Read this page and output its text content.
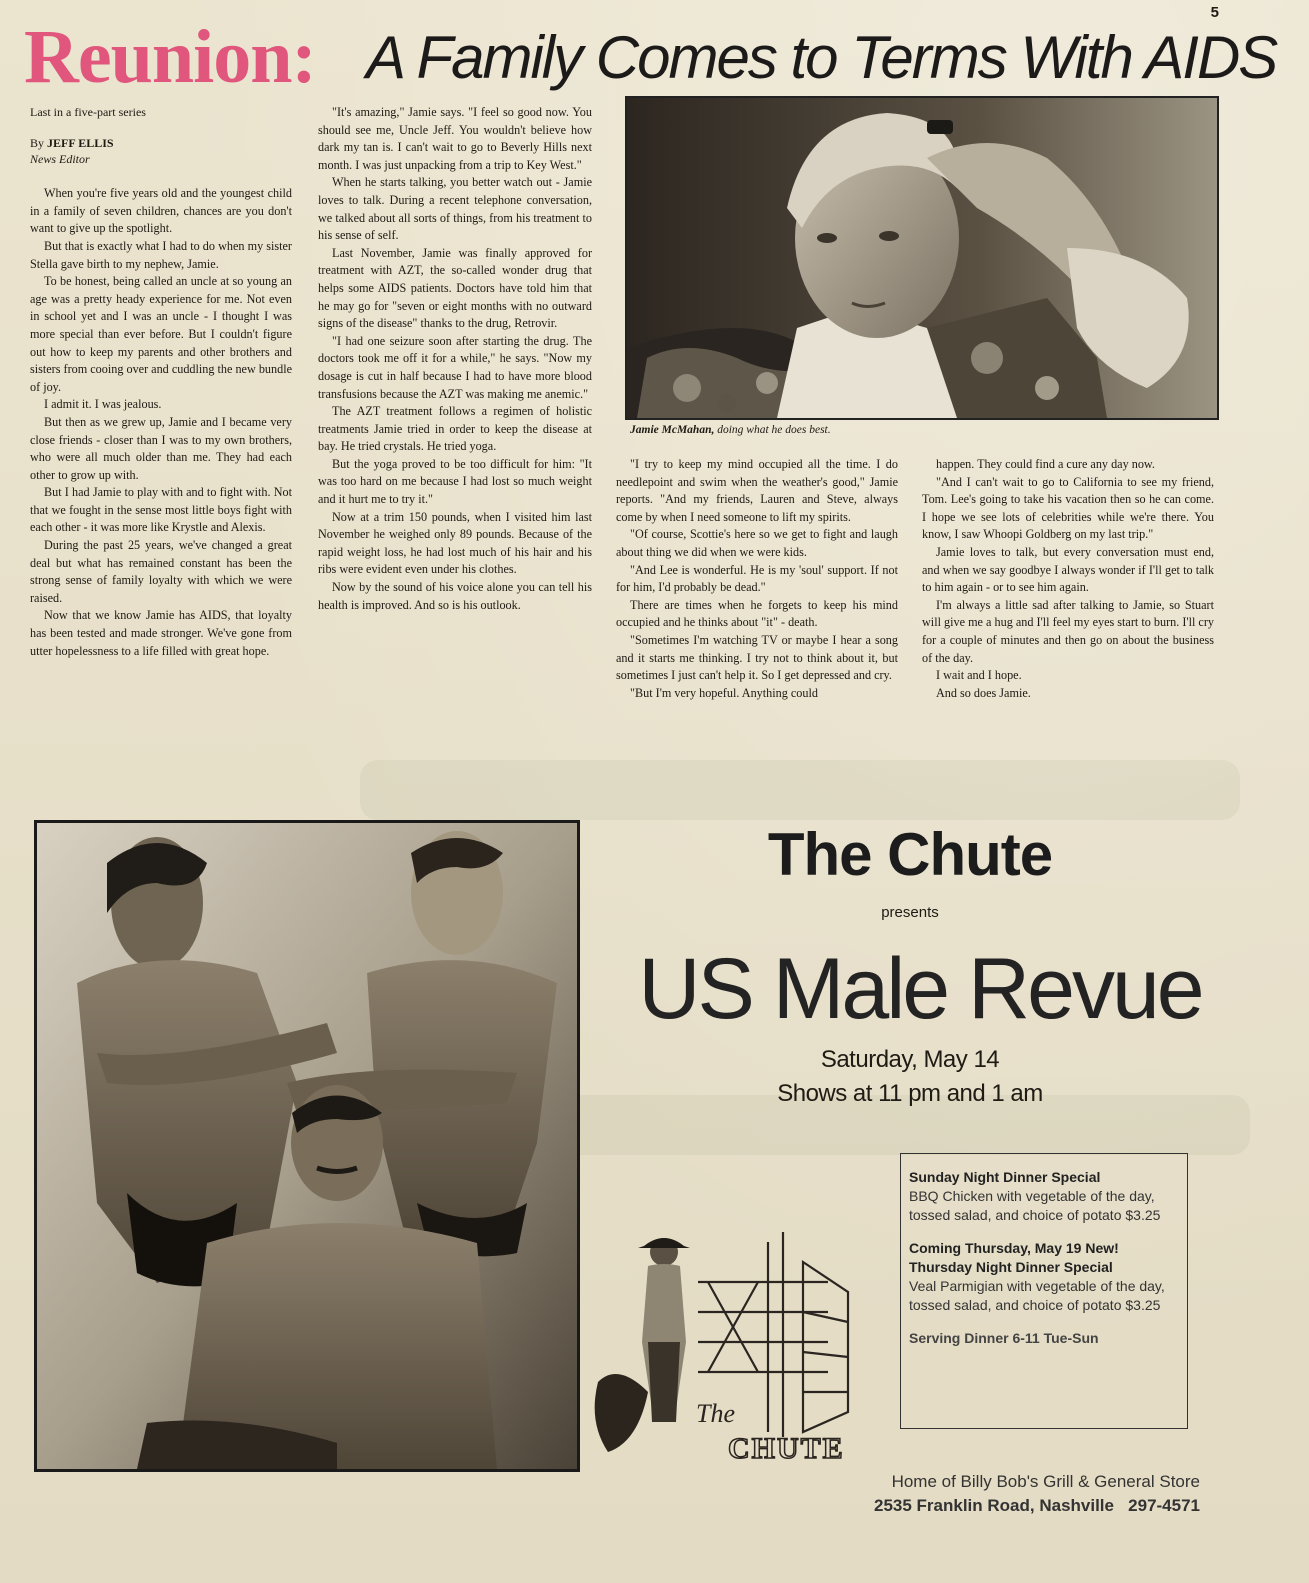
5
Reunion: A Family Comes to Terms With AIDS
Last in a five-part series
By JEFF ELLIS
News Editor

When you're five years old and the youngest child in a family of seven children, chances are you don't want to give up the spotlight.

But that is exactly what I had to do when my sister Stella gave birth to my nephew, Jamie.

To be honest, being called an uncle at so young an age was a pretty heady experience for me. Not even in school yet and I was an uncle - I thought I was more special than ever before. But I couldn't figure out how to keep my parents and other brothers and sisters from cooing over and cuddling the new bundle of joy.

I admit it. I was jealous.

But then as we grew up, Jamie and I became very close friends - closer than I was to my own brothers, who were all much older than me. They had each other to grow up with.

But I had Jamie to play with and to fight with. Not that we fought in the sense most little boys fight with each other - it was more like Krystle and Alexis.

During the past 25 years, we've changed a great deal but what has remained constant has been the strong sense of family loyalty with which we were raised.

Now that we know Jamie has AIDS, that loyalty has been tested and made stronger. We've gone from utter hopelessness to a life filled with great hope.

"It's amazing," Jamie says. "I feel so good now. You should see me, Uncle Jeff. You wouldn't believe how dark my tan is. I can't wait to go to Beverly Hills next month. I was just unpacking from a trip to Key West."

When he starts talking, you better watch out - Jamie loves to talk. During a recent telephone conversation, we talked about all sorts of things, from his treatment to his sense of self.

Last November, Jamie was finally approved for treatment with AZT, the so-called wonder drug that helps some AIDS patients. Doctors have told him that he may go for "seven or eight months with no outward signs of the disease" thanks to the drug, Retrovir.

"I had one seizure soon after starting the drug. The doctors took me off it for a while," he says. "Now my dosage is cut in half because I had to have more blood transfusions because the AZT was making me anemic."

The AZT treatment follows a regimen of holistic treatments Jamie tried in order to keep the disease at bay. He tried crystals. He tried yoga.

But the yoga proved to be too difficult for him: "It was too hard on me because I had lost so much weight and it hurt me to try it."

Now at a trim 150 pounds, when I visited him last November he weighed only 89 pounds. Because of the rapid weight loss, he had lost much of his hair and his ribs were evident even under his clothes.

Now by the sound of his voice alone you can tell his health is improved. And so is his outlook.

Jamie McMahan, doing what he does best.

"I try to keep my mind occupied all the time. I do needlepoint and swim when the weather's good," Jamie reports. "And my friends, Lauren and Steve, always come by when I need someone to lift my spirits.

"Of course, Scottie's here so we get to fight and laugh about thing we did when we were kids.

"And Lee is wonderful. He is my 'soul' support. If not for him, I'd probably be dead."

There are times when he forgets to keep his mind occupied and he thinks about "it" - death.

"Sometimes I'm watching TV or maybe I hear a song and it starts me thinking. I try not to think about it, but sometimes I just can't help it. So I get depressed and cry.

"But I'm very hopeful. Anything could

happen. They could find a cure any day now.

"And I can't wait to go to California to see my friend, Tom. Lee's going to take his vacation then so he can come. I hope we see lots of celebrities while we're there. You know, I saw Whoopi Goldberg on my last trip."

Jamie loves to talk, but every conversation must end, and when we say goodbye I always wonder if I'll get to talk to him again - or to see him again.

I'm always a little sad after talking to Jamie, so Stuart will give me a hug and I'll feel my eyes start to burn. I'll cry for a couple of minutes and then go on about the business of the day.

I wait and I hope.

And so does Jamie.

The Chute
presents
US Male Revue
Saturday, May 14
Shows at 11 pm and 1 am
Sunday Night Dinner Special

BBQ Chicken with vegetable of the day, tossed salad, and choice of potato $3.25

Coming Thursday, May 19 New! Thursday Night Dinner Special

Veal Parmigian with vegetable of the day, tossed salad, and choice of potato $3.25

Serving Dinner 6-11 Tue-Sun
The
CHUTE
Home of Billy Bob's Grill & General Store
2535 Franklin Road, Nashville 297-4571
